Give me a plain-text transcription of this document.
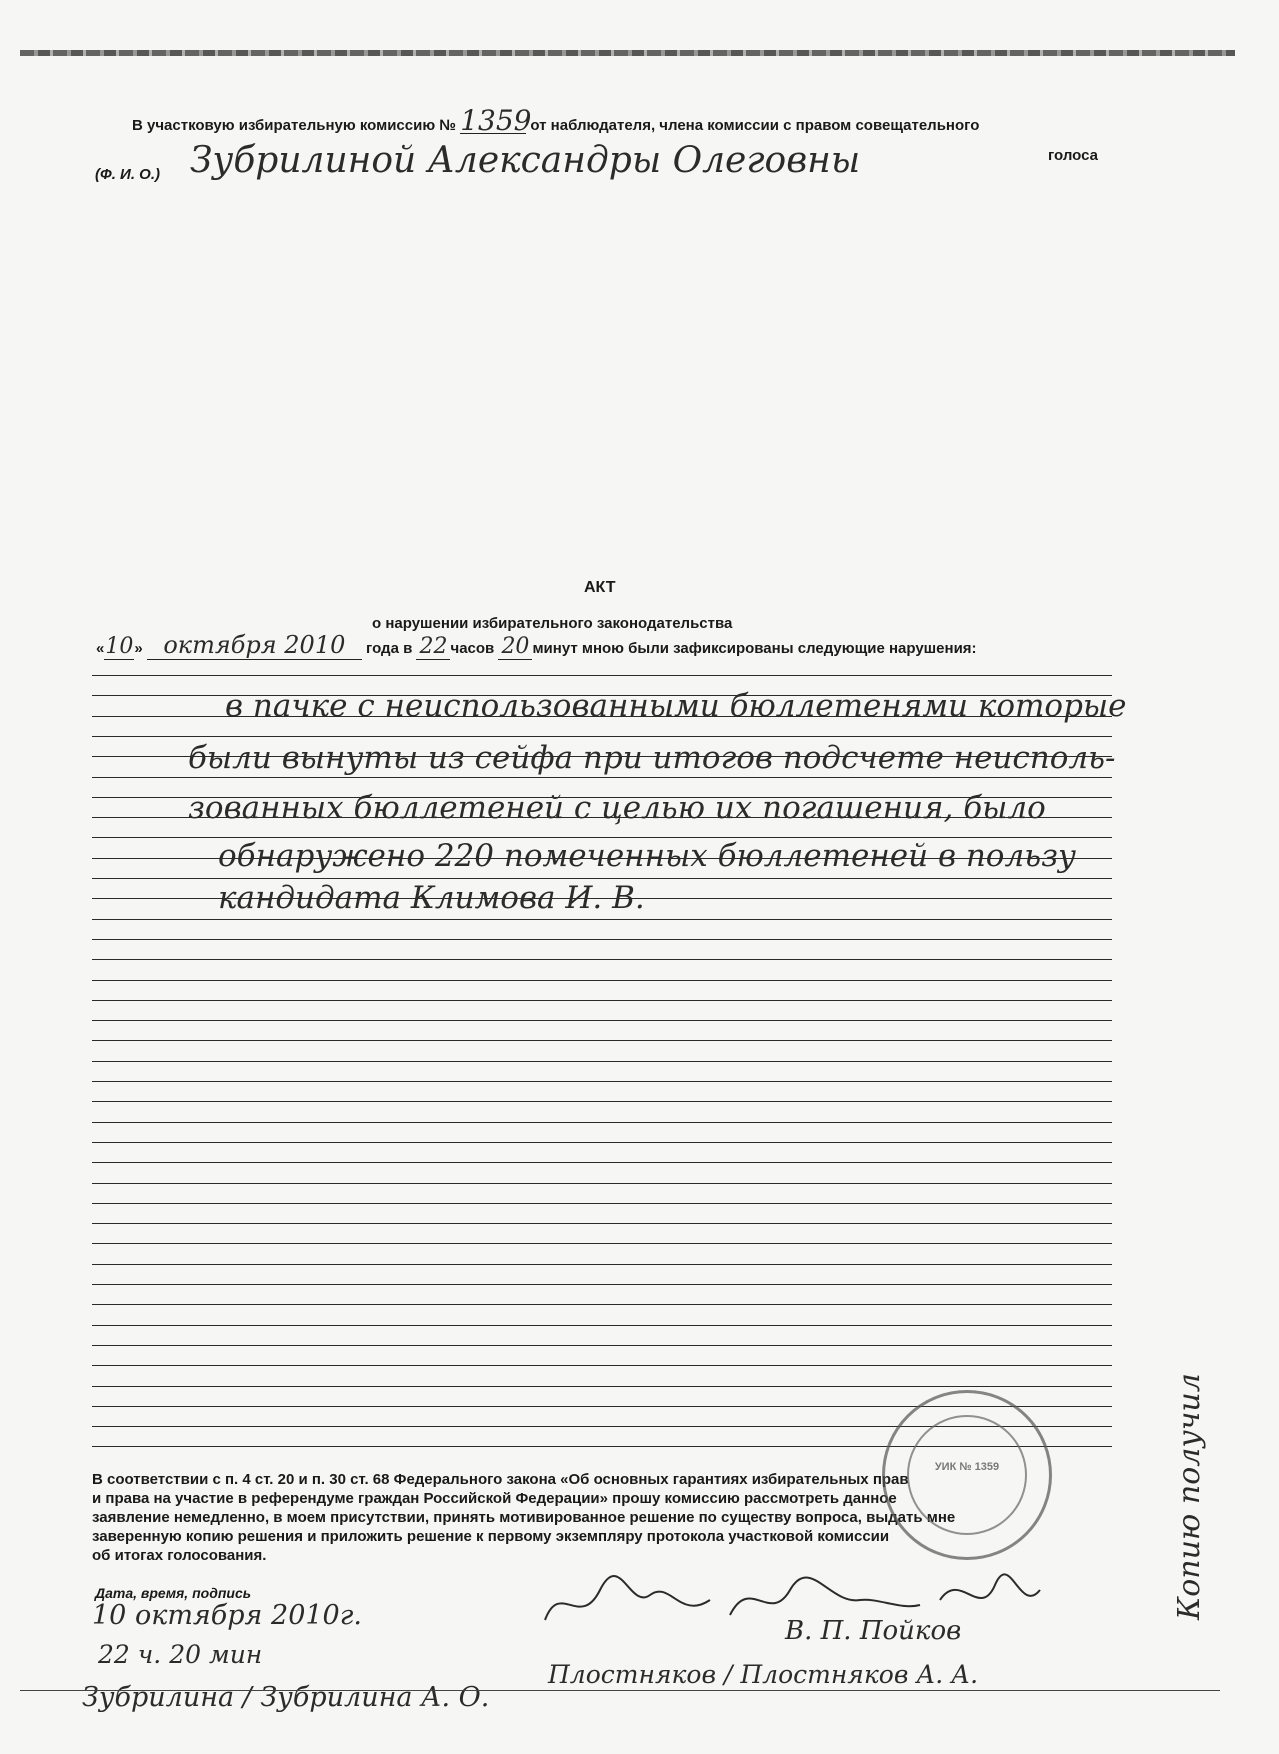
В участковую избирательную комиссию № 1359 от наблюдателя, члена комиссии с правом совещательного
(Ф. И. О.) Зубрилиной Александры Олеговны	голоса
АКТ
о нарушении избирательного законодательства
«10» октября 2010 года в 22 часов 20 минут мною были зафиксированы следующие нарушения:
в пачке с неиспользованными бюллетенями которые
были вынуты из сейфа при итогов подсчете неисполь-
зованных бюллетеней с целью их погашения, было
обнаружено 220 помеченных бюллетеней в пользу
кандидата Климова И. В.
В соответствии с п. 4 ст. 20 и п. 30 ст. 68 Федерального закона «Об основных гарантиях избирательных прав
и права на участие в референдуме граждан Российской Федерации» прошу комиссию рассмотреть данное
заявление немедленно, в моем присутствии, принять мотивированное решение по существу вопроса, выдать мне
заверенную копию решения и приложить решение к первому экземпляру протокола участковой комиссии
об итогах голосования.
Дата, время, подпись
УИК № 1359
10 октября 2010г.
22 ч. 20 мин
Зубрилина / Зубрилина А. О.
Плостняков / Плостняков А. А.
В. П. Пойков
Копию получил
